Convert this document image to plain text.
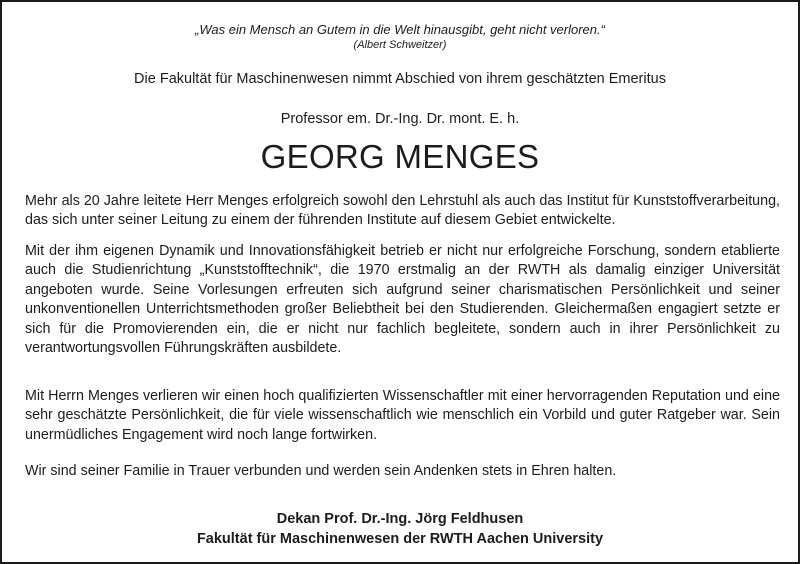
„Was ein Mensch an Gutem in die Welt hinausgibt, geht nicht verloren.“

(Albert Schweitzer)

Die Fakultät für Maschinenwesen nimmt Abschied von ihrem geschätzten Emeritus

Professor em. Dr.-Ing. Dr. mont. E. h.

GEORG MENGES

Mehr als 20 Jahre leitete Herr Menges erfolgreich sowohl den Lehrstuhl als auch das Institut für Kunststoffverarbeitung, das sich unter seiner Leitung zu einem der führenden Institute auf diesem Gebiet entwickelte.

Mit der ihm eigenen Dynamik und Innovationsfähigkeit betrieb er nicht nur erfolgreiche Forschung, sondern etablierte auch die Studienrichtung „Kunststofftechnik“, die 1970 erstmalig an der RWTH als damalig einziger Universität angeboten wurde. Seine Vorlesungen erfreuten sich aufgrund seiner charismatischen Persönlichkeit und seiner unkonventionellen Unterrichtsmethoden großer Beliebtheit bei den Studierenden. Gleichermaßen engagiert setzte er sich für die Promovierenden ein, die er nicht nur fachlich begleitete, sondern auch in ihrer Persönlichkeit zu verantwortungsvollen Führungskräften ausbildete.

Mit Herrn Menges verlieren wir einen hoch qualifizierten Wissenschaftler mit einer hervorragenden Reputation und eine sehr geschätzte Persönlichkeit, die für viele wissenschaftlich wie menschlich ein Vorbild und guter Ratgeber war. Sein unermüdliches Engagement wird noch lange fortwirken.

Wir sind seiner Familie in Trauer verbunden und werden sein Andenken stets in Ehren halten.

Dekan Prof. Dr.-Ing. Jörg Feldhusen

Fakultät für Maschinenwesen der RWTH Aachen University
